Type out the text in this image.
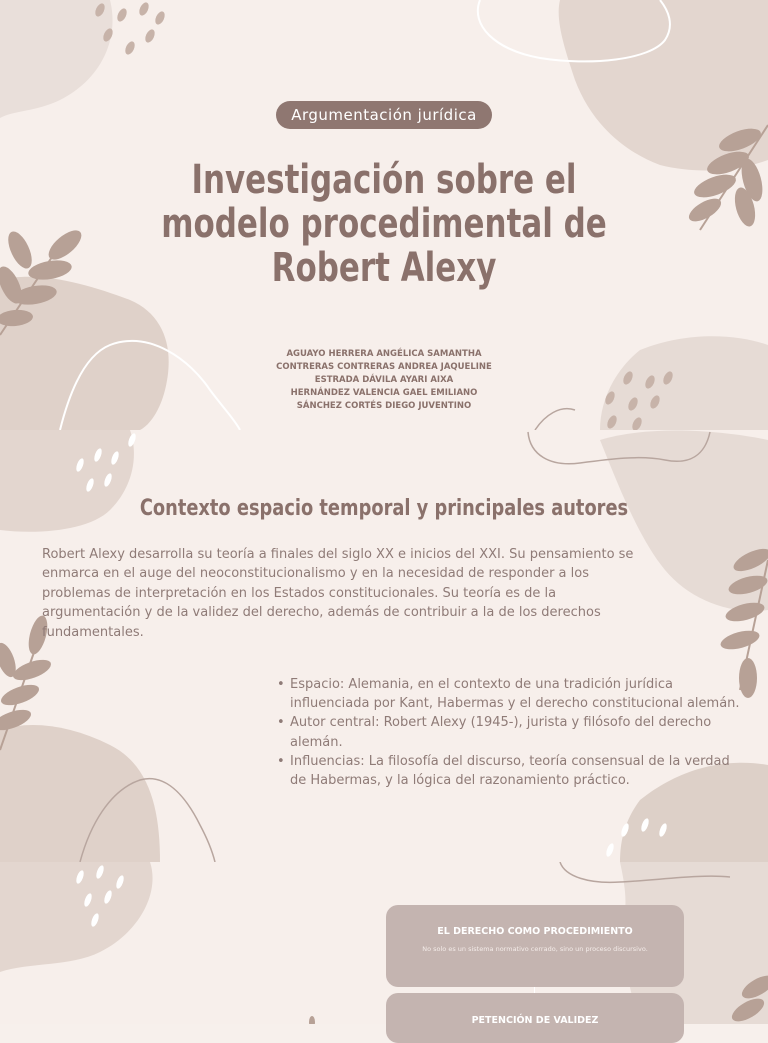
Argumentación jurídica
Investigación sobre el
modelo procedimental de
Robert Alexy
AGUAYO HERRERA ANGÉLICA SAMANTHA
CONTRERAS CONTRERAS ANDREA JAQUELINE
ESTRADA DÁVILA AYARI AIXA
HERNÁNDEZ VALENCIA GAEL EMILIANO
SÁNCHEZ CORTÉS DIEGO JUVENTINO
Contexto espacio temporal y principales autores
Robert Alexy desarrolla su teoría a finales del siglo XX e inicios del XXI. Su pensamiento se enmarca en el auge del neoconstitucionalismo y en la necesidad de responder a los problemas de interpretación en los Estados constitucionales. Su teoría es de la argumentación y de la validez del derecho, además de contribuir a la de los derechos fundamentales.
• Espacio: Alemania, en el contexto de una tradición jurídica influenciada por Kant, Habermas y el derecho constitucional alemán.
• Autor central: Robert Alexy (1945-), jurista y filósofo del derecho alemán.
• Influencias: La filosofía del discurso, teoría consensual de la verdad de Habermas, y la lógica del razonamiento práctico.
EL DERECHO COMO PROCEDIMIENTO
No solo es un sistema normativo cerrado, sino un proceso discursivo.
PETENCIÓN DE VALIDEZ
